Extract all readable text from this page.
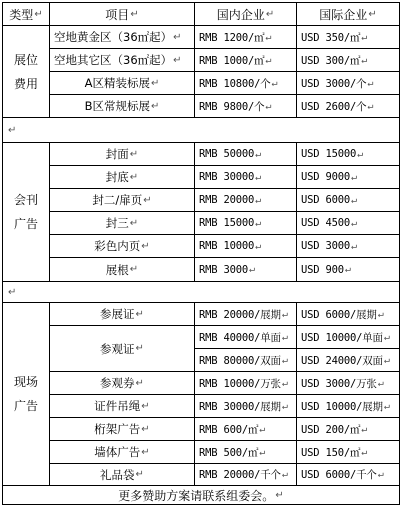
类型 ↵	项目 ↵	国内企业 ↵	国际企业 ↵
展位
费用
空地黄金区（36㎡起） ↵ RMB 1200/㎡ ↵	USD 350/㎡ ↵
空地其它区（36㎡起） ↵ RMB 1000/㎡ ↵	USD 300/㎡ ↵
A区精装标展 ↵	RMB 10800/个 ↵ USD 3000/个 ↵
B区常规标展 ↵	RMB 9800/个 ↵	USD 2600/个 ↵
↵
会刊
广告
封面 ↵	RMB 50000 ↵	USD 15000 ↵
封底 ↵	RMB 30000 ↵	USD 9000 ↵
封二/扉页 ↵	RMB 20000 ↵	USD 6000 ↵
封三 ↵	RMB 15000 ↵	USD 4500 ↵
彩色内页 ↵	RMB 10000 ↵	USD 3000 ↵
展根 ↵	RMB 3000 ↵	USD 900 ↵
↵
现场
广告
参展证 ↵	RMB 20000/展期 ↵ USD 6000/展期 ↵
参观证 ↵
RMB 40000/单面 ↵ USD 10000/单面 ↵
RMB 80000/双面 ↵ USD 24000/双面 ↵
参观券 ↵	RMB 10000/万张 ↵ USD 3000/万张 ↵
证件吊绳 ↵	RMB 30000/展期 ↵ USD 10000/展期 ↵
桁架广告 ↵	RMB 600/㎡ ↵	USD 200/㎡ ↵
墙体广告 ↵	RMB 500/㎡ ↵	USD 150/㎡ ↵
礼品袋 ↵	RMB 20000/千个 ↵ USD 6000/千个 ↵
更多赞助方案请联系组委会。 ↵
